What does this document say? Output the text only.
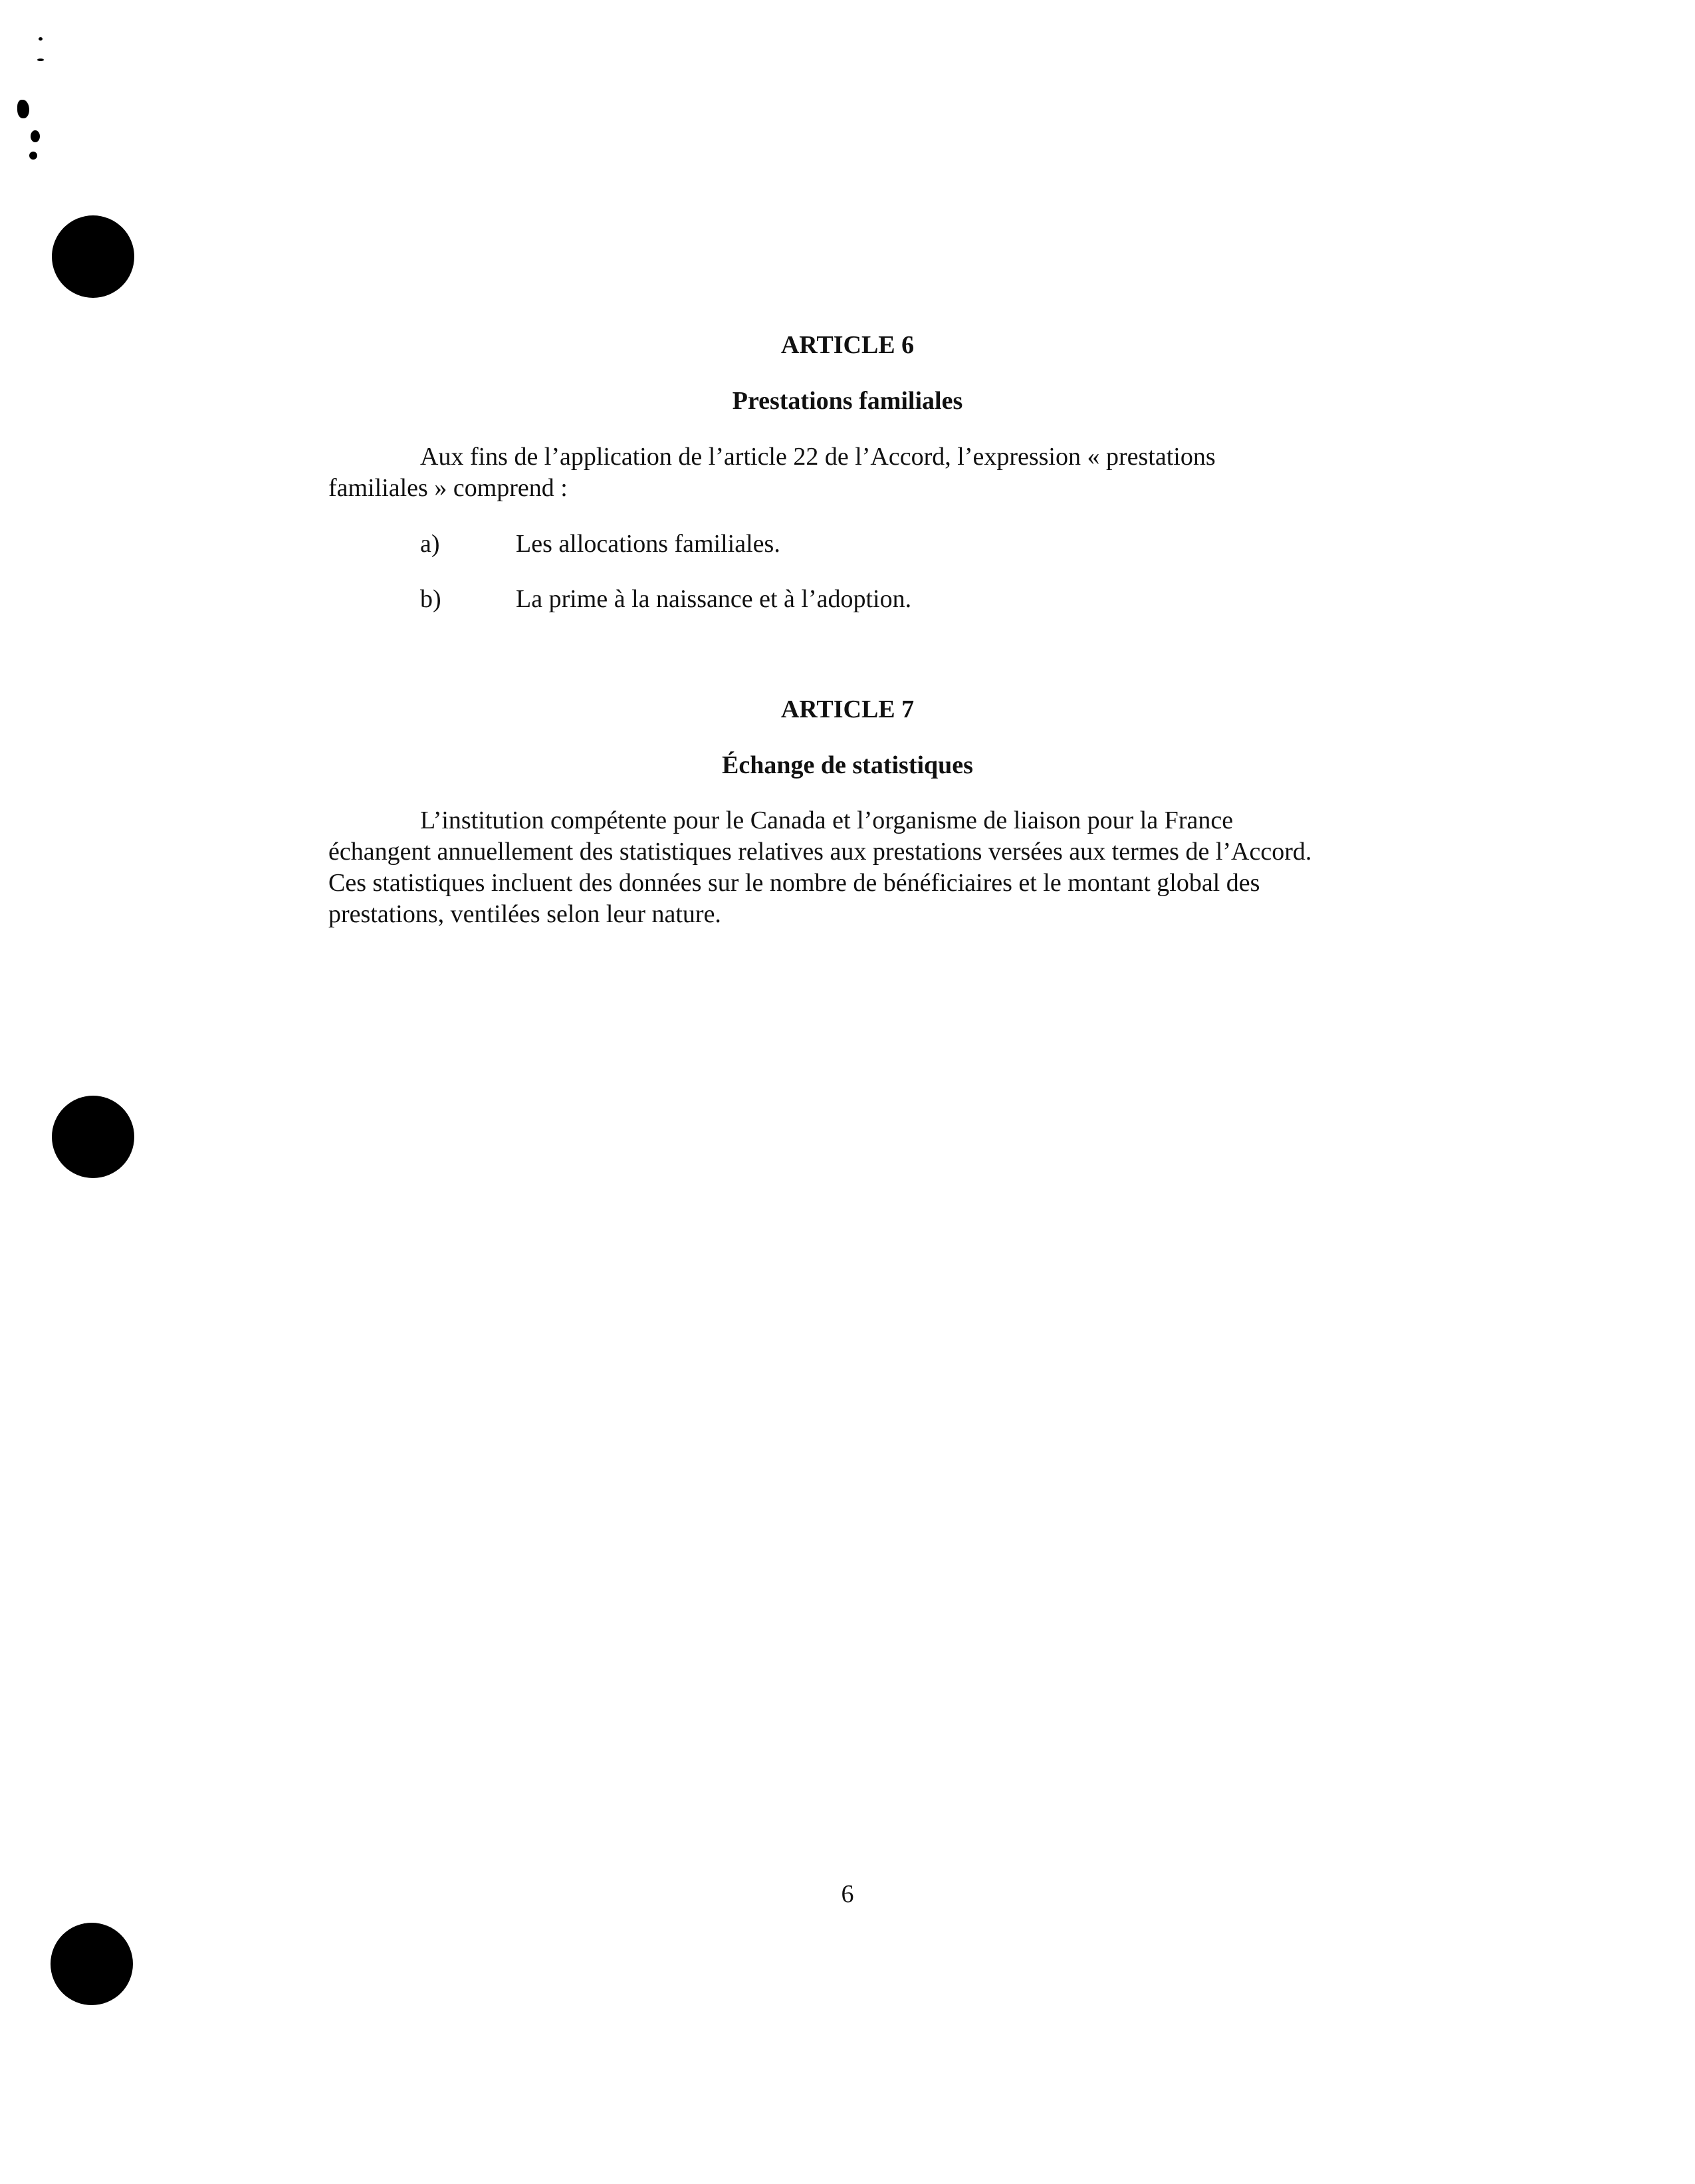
ARTICLE 6
Prestations familiales
Aux fins de l’application de l’article 22 de l’Accord, l’expression « prestations
familiales » comprend :
a)	Les allocations familiales.
b)	La prime à la naissance et à l’adoption.
ARTICLE 7
Échange de statistiques
L’institution compétente pour le Canada et l’organisme de liaison pour la France
échangent annuellement des statistiques relatives aux prestations versées aux termes de l’Accord.
Ces statistiques incluent des données sur le nombre de bénéficiaires et le montant global des
prestations, ventilées selon leur nature.
6
